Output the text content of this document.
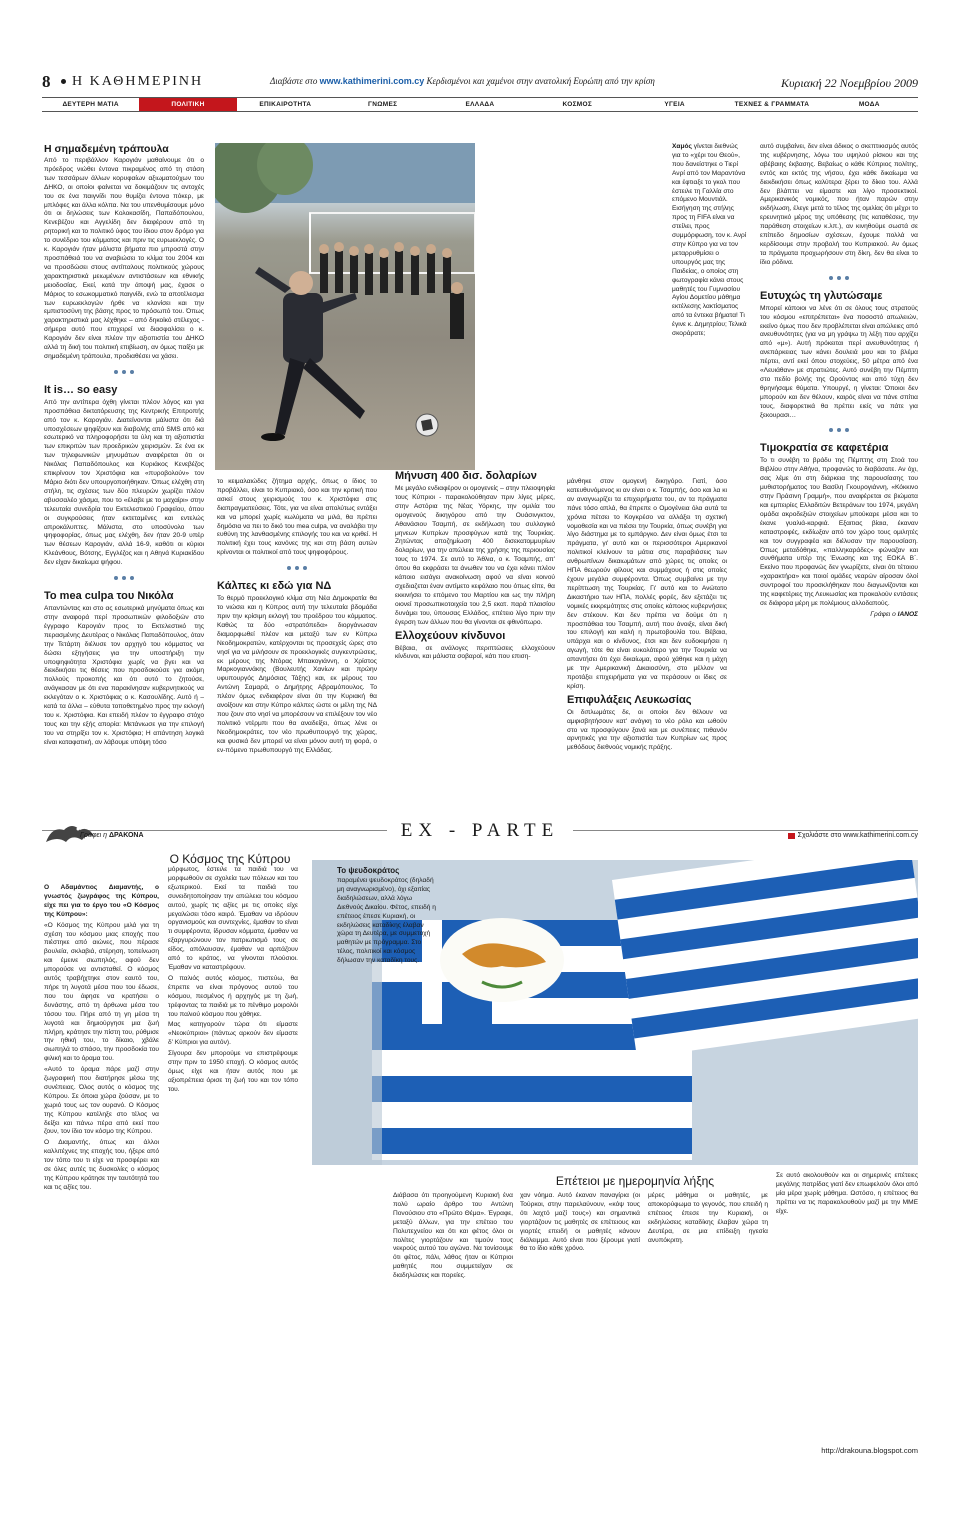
8 Η ΚΑΘΗΜΕΡΙΝΗ	Διαβάστε στο www.kathimerini.com.cy Κερδισμένοι και χαμένοι στην ανατολική Ευρώπη από την κρίση	Κυριακή 22 Νοεμβρίου 2009
ΔΕΥΤΕΡΗ ΜΑΤΙΑ	ΠΟΛΙΤΙΚΗ	ΕΠΙΚΑΙΡΟΤΗΤΑ	ΓΝΩΜΕΣ	ΕΛΛΑΔΑ	ΚΟΣΜΟΣ	ΥΓΕΙΑ	ΤΕΧΝΕΣ & ΓΡΑΜΜΑΤΑ	ΜΟΔΑ
Η σημαδεμένη τράπουλα

Από το περιβάλλον Καρογιάν μαθαίνουμε ότι ο πρόεδρος νιώθει έντονα πικραμένος από τη στάση των τεσσάρων άλλων κορυφαίων αξιωματούχων του ΔΗΚΟ, οι οποίοι φαίνεται να δοκιμάζουν τις αντοχές του σε ένα παιγνίδι που θυμίζει έντονα πόκερ, με μπλόφες και άλλα κόλπα. Να του υπενθυμίσουμε μόνο ότι οι δηλώσεις των Κολοκασίδη, Παπαδόπουλου, Κενεβέζου και Αγγελίδη δεν διαφέρουν από τη ρητορική και το πολιτικό ύφος του ίδιου στον δρόμο για το συνέδριο του κόμματος και πριν τις ευρωεκλογές. Ο κ. Καρογιάν ήταν μάλιστα βήματα πιο μπροστά στην προσπάθειά του να αναβιώσει το κλίμα του 2004 και να προσδώσει στους αντίπαλους πολιτικούς χώρους χαρακτηριστικά μειωμένων αντιστάσεων και εθνικής μειοδοσίας. Εκεί, κατά την άποψή μας, έχασε ο Μάριος το εσωκομματικό παιγνίδι, ενώ τα αποτέλεσμα των ευρωεκλογών ήρθε να κλονίσει και την εμπιστοσύνη της βάσης προς το πρόσωπό του. Όπως χαρακτηριστικά μας λέχθηκε – από δηκοϊκό στέλεχος - σήμερα αυτό που επιχειρεί να διασφαλίσει ο κ. Καρογιάν δεν είναι πλέον την αξιοπιστία του ΔΗΚΟ αλλά τη δική του πολιτική επιβίωση, αν όμως παίξει με σημαδεμένη τράπουλα, προδιαθέσει να χάσει.

It is… so easy

Από την αντίπερα όχθη γίνεται πλέον λόγος και για προσπάθεια δικτατόρευσης της Κεντρικής Επιτροπής από τον κ. Καρογιάν. Διατείνονται μάλιστα ότι διά υποσχέσεων ψηφίζουν και διαβολής από SMS από κα εσωτερικό να πληροφορήσει τα ύλη και τη αξιοπιστία των επικριτών των προεδρικών χειρισμών. Σε ένα εκ των τηλεφωνικών μηνυμάτων αναφέρεται ότι οι Νικόλας Παπαδόπουλος και Κυριάκος Κενεβέζος επικρίνουν τον Χριστόφια και «πυροβολούν» τον Μάριο διότι δεν υπουργοποιήθηκαν. Όπως ελέχθη στη στήλη, τις σχέσεις των δύο πλευρών χωρίζει πλέον αβυσσαλέο χάσμα, που το «έλαβε με το μαχαίρι» στην τελευταία συνεδρία του Εκτελεστικού Γραφείου, όπου οι συγκρούσεις ήταν εκτεταμένες και εντελώς απροκάλυπτες. Μάλιστα, στο υποσύνολο των ψηφοφορίας, όπως μας ελέχθη, δεν ήταν 20-9 υπέρ των θέσεων Καρογιάν, αλλά 16-9, καθότι οι κύριοι Κλεάνθους, Βότσης, Εγγλέζος και η Αθηνά Κυριακίδου δεν είχαν δικαίωμα ψήφου.

Το mea culpa του Νικόλα

Απαντώντας και στο ας εσωτερικά μηνύματα όπως και στην αναφορά περί προσωπικών φιλοδοξιών στο έγγραφο Καρογιάν προς το Εκτελεστικό της περασμένης Δευτέρας ο Νικόλας Παπαδόπουλος, όταν την Τετάρτη διέλυσε τον αρχηγό του κόμματος να δώσει εξηγήσεις για την υποστήριξη την υποψηφιότητα Χριστόφια χωρίς να βγει και να διεκδικήσει τις θέσεις που προσδοκούσε για ακόμη πολλούς προκοπής και ότι αυτό το ζητούσε, ανάγκασαν με ότι ενα παρακίνησαν κυβερνητικούς να εκλεγόταν ο κ. Χριστόφιας ο κ. Κασουλίδης. Αυτό ή – κατά τα άλλα – εύθυτα τοποθετημένο προς την εκλογή του κ. Χριστόφια. Και επειδή πλέον το έγγραφο στόχο τους και την εξής απορία: Μετάνιωσε για την επιλογή του να στηρίξει τον κ. Χριστόφια; Η απάντηση λογικά είναι καταφατική, αν λάβουμε υπόψη τόσο

το κειμαλαιώδες ζήτημα αρχής, όπως ο ίδιος το προβάλλει, είναι το Κυπριακό, όσο και την κριτική που ασκεί στους χειρισμούς του κ. Χριστόφια στις διαπραγματεύσεις. Τότε, για να είναι απολύτως εντάξει και να μπορεί χωρίς κωλύματα να μιλά, θα πρέπει δημόσια να πει το δικό του mea culpa, να αναλάβει την ευθύνη της λανθασμένης επιλογής του και να κριθεί. Η πολιτική έχει τους κανόνες της και στη βάση αυτών κρίνονται οι πολιτικοί από τους ψηφοφόρους.

Κάλπες κι εδώ για ΝΔ

Το θερμό προεκλογικό κλίμα στη Νέα Δημοκρατία θα το νιώσει και η Κύπρος αυτή την τελευταία βδομάδα πριν την κρίσιμη εκλογή του προέδρου του κόμματος. Καθώς τα δύο «στρατόπεδα» διοργάνωσαν διαμορφωθεί πλέον και μεταξύ των εν Κύπρω Νεοδημοκρατών, κατέρχονται τις προσεχείς ώρες στο νησί για να μιλήσουν σε προεκλογικές συγκεντρώσεις, εκ μέρους της Ντόρας Μπακογιάννη, ο Χρίστος Μαρκογιαννάκης (Βουλευτής Χανίων και πρώην υφυπουργός Δημόσιας Τάξης) και, εκ μέρους του Αντώνη Σαμαρά, ο Δημήτρης Αβραμόπουλος. Το πλέον όμως ενδιαφέρον είναι ότι την Κυριακή θα ανοίξουν και στην Κύπρο κάλπες ώστε οι μέλη της ΝΔ που ζουν στο νησί να μπορέσουν να επιλέξουν τον νέο πολιτικό ντέρμπι που θα αναδείξει, όπως λένε οι Νεοδημοκράτες, τον νέο πρωθυπουργό της χώρας, και φυσικά δεν μπορεί να είναι μόνον αυτή τη φορά, ο εν-πόμενο πρωθυπουργό της Ελλάδας.

Μήνυση 400 δισ. δολαρίων

Με μεγάλο ενδιαφέρον οι ομογενείς – στην πλειοψηφία τους Κύπριοι - παρακολούθησαν πριν λίγες μέρες, στην Αστόρια της Νέας Υόρκης, την ομιλία του ομογενούς δικηγόρου από την Ουάσινγκτον, Αθανάσιου Τσαμπή, σε εκδήλωση του συλλογικό μηνεων Κυπρίων προσφύγων κατά της Τουρκίας. Ζητώντας αποζημίωση 400 δισεκατομμυρίων δολαρίων, για την απώλεια της χρήσης της περιουσίας τους το 1974. Σε αυτό το Άθλια, ο κ. Τσαμπής, απ' όπου θα εκφράσει τα άνωθεν του να έχει κάνει πλέον κάποιο εισάγει ανακοίνωση αφού να είναι κοινού σχεδιαζεται έναν αντίμετο κεφάλαιο που όπως είπε, θα εκκινήσει το επόμενο του Μαρτίου και ως την πλήρη οιονεί προσωπικοτοιχεία του 2,5 εκατ. παρά πλαισίου δυνάμει του, ύπουσας Ελλάδος, επέτειο λίγο πριν την έγερση των άλλων που θα γίνονται σε φθινόπωρο.

Ελλοχεύουν κίνδυνοι

Βέβαια, σε ανάλογες περιπτώσεις ελλοχεύουν κίνδυνοι, και μάλιστα σοβαροί, κάτι που επιση-

μάνθηκε στον ομογενή δικηγόρο. Γιατί, όσο κατευθυνόμενος κι αν είναι ο κ. Τσαμπής, όσο και λα κι αν αναγνωρίζει τα επιχειρήματα του, αν τα πράγματα πάνε τόσο απλά, θα έπρεπε ο Ομογένεια όλα αυτά τα χρόνια πέτσει το Κογκρέσο να αλλάξει τη σχετική νομοθεσία και να πιέσει την Τουρκία, όπως συνέβη για λίγο διάστημα με το εμπάργκο. Δεν είναι όμως έτσι τα πράγματα, γι' αυτό και οι περισσότεροι Αμερικανοί πολιτικοί κλείνουν τα μάτια στις παραβιάσεις των ανθρωπίνων δικαιωμάτων από χώρες τις οποίες οι ΗΠΑ θεωρούν φίλους και συμμάχους ή στις οποίες έχουν μεγάλα συμφέροντα. Όπως συμβαίνει με την περίπτωση της Τουρκίας. Γι' αυτό και το Ανώτατο Δικαστήριο των ΗΠΑ, πολλές φορές, δεν εξετάζει τις νομικές εκκρεμότητες στις οποίες κάποιος κυβερνήσεις δεν στέκουν. Και δεν πρέπει να δούμε ότι η προσπάθεια του Τσαμπή, αυτή που άνοιξε, είναι δική του επιλογή και καλή η πρωτοβουλία του. Βέβαια, υπάρχει και ο κίνδυνος, έτσι και δεν ευδοκιμήσει η αγωγή, τότε θα είναι ευκολότερο για την Τουρκία να απαντήσει ότι έχει δικαίωμα, αφού χάθηκε και η μάχη με την Αμερικανική Δικαιοσύνη, στο μέλλον να προτάξει επιχειρήματα για να περάσουν οι ίδιες σε κρίση.

Επιφυλάξεις Λευκωσίας

Οι διπλωμάτες δε, οι οποίοι δεν θέλουν να αμφισβητήσουν κατ' ανάγκη το νέο ρόλο και ωθούν στο να προσφύγουν ξανά και με συνέπειες πιθανόν αρνητικές για την αξιοπιστία των Κυπρίων ως προς μεθόδους διεθνούς νομικής πράξης.

Χαμός γίνεται διεθνώς για το «χέρι του Θεού», που δανείστηκε ο Τιερί Ανρί από τον Μαραντόνα και έφτιαξε το γκολ που έστειλε τη Γαλλία στο επόμενο Μουντιάλ. Εισήγηση της στήλης προς τη FIFA είναι να στείλει, προς συμμόρφωση, τον κ. Ανρί στην Κύπρο για να τον μεταρρυθμίσει ο υπουργός μας της Παιδείας, ο οποίος στη φωτογραφία κάνει στους μαθητές του Γυμνασίου Αγίου Δομετίου μάθημα εκτέλεσης λακτίσματος από τα έντεκα βήματα! Τι έγινε κ. Δημητρίου; Τελικά σκοράρατε;

αυτό συμβαίνει, δεν είναι άδικος ο σκεπτικισμός αυτός της κυβέρνησης, λόγω του υψηλού ρίσκου και της αβέβαιης έκβασης. Βεβαίως ο κάθε Κύπριος πολίτης, εντός και εκτός της νήσου, έχει κάθε δικαίωμα να διεκδικήσει όπως καλύτερα ξέρει το δίκιο του. Αλλά δεν βλάπτει να είμαστε και λίγο προσεκτικοί. Αμερικανικός νομικός, που ήταν παρών στην εκδήλωση, έλεγε μετά το τέλος της ομιλίας ότι μέχρι το ερευνητικό μέρος της υπόθεσης (τις καταθέσεις, την παράθεση στοιχείων κ.λπ.), αν κινηθούμε σωστά σε επίπεδο δημοσίων σχέσεων, έχουμε πολλά να κερδίσουμε στην προβολή του Κυπριακού. Αν όμως τα πράγματα προχωρήσουν στη δίκη, δεν θα είναι το ίδιο ρόδινα.

Ευτυχώς τη γλυτώσαμε

Μπορεί κάποιοι να λένε ότι σε όλους τους στρατούς του κόσμου «επιτρέπεται» ένα ποσοστό απωλειών, εκείνο όμως που δεν προβλέπεται είναι απώλειες από ανευθυνότητες (για να μη γράψω τη λέξη που αρχίζει από «μ»). Αυτή πρόκειται περί ανευθυνότητας ή ανεπάρκειας των κάνει δουλειά μου και το βλέμα πέρτει, αντί εκεί όπου στοχεύεις, 50 μέτρα από ένα «Λευιάθαν» με στρατιώτες. Αυτό συνέβη την Πέμπτη στο πεδίο βολής της Ορούντας και από τύχη δεν θρηνήσαμε θύματα. Υπουργέ, η γίνεται: Όποιοι δεν μπορούν και δεν θέλουν, καιρός είναι να πάνε σπίτια τους, διαφορετικά θα πρέπει ειείς να πάτε για ξεκουρασι…

Τιμοκρατία σε καφετέρια

Το τι συνέβη το βράδυ της Πέμπτης στη Στοά του Βιβλίου στην Αθήνα, προφανώς το διαβάσατε. Αν όχι, σας λέμε ότι στη διάρκεια της παρουσίασης του μυθιστορήματος του Βασίλη Γκουρογιάννη, «Κόκκινο στην Πράσινη Γραμμή», που αναφέρεται σε βιώματα και εμπειρίες Ελλαδιτών Βετεράνων του 1974, μεγάλη ομάδα ακροδεξιών στοιχείων μπούκαρε μέσα και το έκανε γυαλιά-καρφιά. Εξαιτιας βίαια, έκαναν καταστροφές, εκδίωξαν από τον χώρο τους ομιλητές και τον συγγραφέα και διέλυσαν την παρουσίαση. Όπως μεταδόθηκε, «παλληκαράδες» φώναζαν και συνθήματα υπέρ της Ένωσης και της ΕΟΚΑ Β΄. Εκείνο που προφανώς δεν γνωρίζετε, είναι ότι τέτοιου «χαρακτήρα» και ποιοί ομάδες νεαρών αίροσαν όλοί συντροφοί του προσκλήθηκαν που διαγωνίζονται και της καφετέριες της Λευκωσίας και προκαλούν εντάσεις σε διάφορα μέρη με πολέμιους αλλοδαπούς.

Γράφει ο ΙΑΝΟΣ

EX - PARTE
Γράφει η ΔΡΑΚΟΝΑ	Σχολιάστε στο www.kathimerini.com.cy
Ο Κόσμος της Κύπρου

Ο Αδαμάντιος Διαμαντής, ο γνωστός ζωγράφος της Κύπρου, είχε πει για το έργο του «Ο Κόσμος της Κύπρου»:

«Ο Κόσμος της Κύπρου μιλά για τη σχέση του κόσμου μιας εποχής που πιέστηκε από αιώνες, που πέρασε βουλεία, σκλαβιά, στέρηση, τοπείνωση και έμεινε σιωπηλός, αφού δεν μπορούσε να αντισταθεί. Ο κόσμος αυτός τραβήχτηκε στον εαυτό του, πήρε τη λυγοτά μέσα που του έδωσε, που του άφησε να κρατήσει ο δυνάστης, από τη άρθωνα μέσα του τόσου του. Πήρε από τη γη μέσα τη λυγοτά και δημιούργησε μια ζωή πλήρη, κράτησε την πίστη του, ρύθμισε την ηθική του, το δίκαιο, χβάλε σιωπηλά το σπάσο, την προσδοκία του φιλική και το όραμα του.

«Αυτό το όραμα πάρε μαζί στην ζωγραφική που διατήρησε μέσω της συνέπειας. Όλος αυτός ο κόσμος της Κύπρου. Σε όποια χώρα ζούσαν, με το χωριό τους ως τον ουρανό. Ο Κόσμος της Κύπρου κατέληξε στο τέλος να δείξει και πάνω πέρα από εκεί που ζουν, τον ίδιο τον κόσμο της Κύπρου.

Ο Διαμαντής, όπως και άλλοι καλλιτέχνες της εποχής του, ήξερε από τον τόπο του τι είχε να προσφέρει και σε όλες αυτές τις δυσκολίες ο κόσμος της Κύπρου κράτησε την ταυτότητά του και τις αξίες του.

μόρφωτος, έστειλε τα παιδιά του να μορφωθούν σε σχολεία των πόλεων και του εξωτερικού. Εκεί τα παιδιά του συνειδητοποίησαν την απώλεια του κόσμου αυτού, χωρίς τις αξίες με τις οποίες είχε μεγαλώσει τόσο καιρό. Έμαθαν να ιδρύουν οργανισμούς και συντεχνίες, έμαθαν το είναι τι συμφέροντα, ίδρυσαν κόμματα, έμαθαν να εξαργυρώνουν τον πατριωτισμό τους σε είδος, απόλαυσαν, έμαθαν να αρπάζουν από το κράτος, να γίνονται πλούσιοι. Έμαθαν να καταστρέφουν.

Ο παλιός αυτός κόσμος, πιστεύω, θα έπρεπε να είναι πρόγονος αυτού του κόσμου, πεσμένος ή αρχηγός με τη ζωή, τρέφοντας τα παιδιά με το πένθιμο μοιρολόι του παλιού κόσμου που χάθηκε.

Μας κατηγορούν τώρα ότι είμαστε «Νεοκύπριοι» (πάντως αρκούν δεν είμαστε δ' Κύπριοι για αυτόν).

Σίγουρα δεν μπορούμε να επιστρέψουμε στην πριν το 1950 εποχή. Ο κόσμος αυτός όμως είχε και ήταν αυτός που με αξιοπρέπεια όρισε τη ζωή του και τον τόπο του.

Το ψευδοκράτος

παραμένει ψευδοκράτος (δηλαδή μη αναγνωρισμένο), όχι εξαιτίας διαδηλώσεων, αλλά λόγω Διεθνούς Δικαίου. Φέτος, επειδή η επέτειος έπεσε Κυριακή, οι εκδηλώσεις καταδίκης έλαβαν χώρα τη Δευτέρα, με συμμετοχή μαθητών με πρόγραμμα. Στο τέλος, πολιτικοί και κόσμος δήλωσαν την καταδίκη τους.

Επέτειοι με ημερομηνία λήξης

Διάβασα ότι προηγούμενη Κυριακή ένα πολύ ωραίο άρθρο του Αντώνη Πονούσιου στο «Πρώτο Θέμα». Έγραφε, μεταξύ άλλων, για την επέτειο του Πολυτεχνείου και ότι και φέτος όλοι οι πολίτες γιορτάζουν και τιμούν τους νεκρούς αυτού του αγώνα. Να τονίσουμε ότι φέτος, πάλι, λάθος ήταν οι Κύπριοι μαθητές που συμμετείχαν σε διαδηλώσεις και πορείες.

χαν νόημα. Αυτό έκαναν παναγίρια (οι Τούρκοι, στην παρελαύνουν, «κόψ τους ότι λαχτό μαζί τους») και σημαντικά γιορτάζουν τις μαθητές σε επέτειους και γιορτές επειδή οι μαθητές κάνουν διάλειμμα. Αυτό είναι που ξέρουμε γιατί θα το ίδιο κάθε χρόνο.

μέρες μάθημα οι μαθητές, με αποκορύφωμα το γεγονός, που επειδή η επέτειος έπεσε την Κυριακή, οι εκδηλώσεις καταδίκης έλαβαν χώρα τη Δευτέρα, σε μια επίδειξη ηγεσία ανυπόκριτη.

Σε αυτό ακολουθούν και οι σημερινές επέτειες μεγάλης πατρίδας γιατί δεν επωφελούν όλοι από μία μέρα χωρίς μάθημα. Ωστόσο, η επέτειος θα πρέπει να τις παρακολουθούν μαζί με την ΜΜΕ είχε.

http://drakouna.blogspot.com
